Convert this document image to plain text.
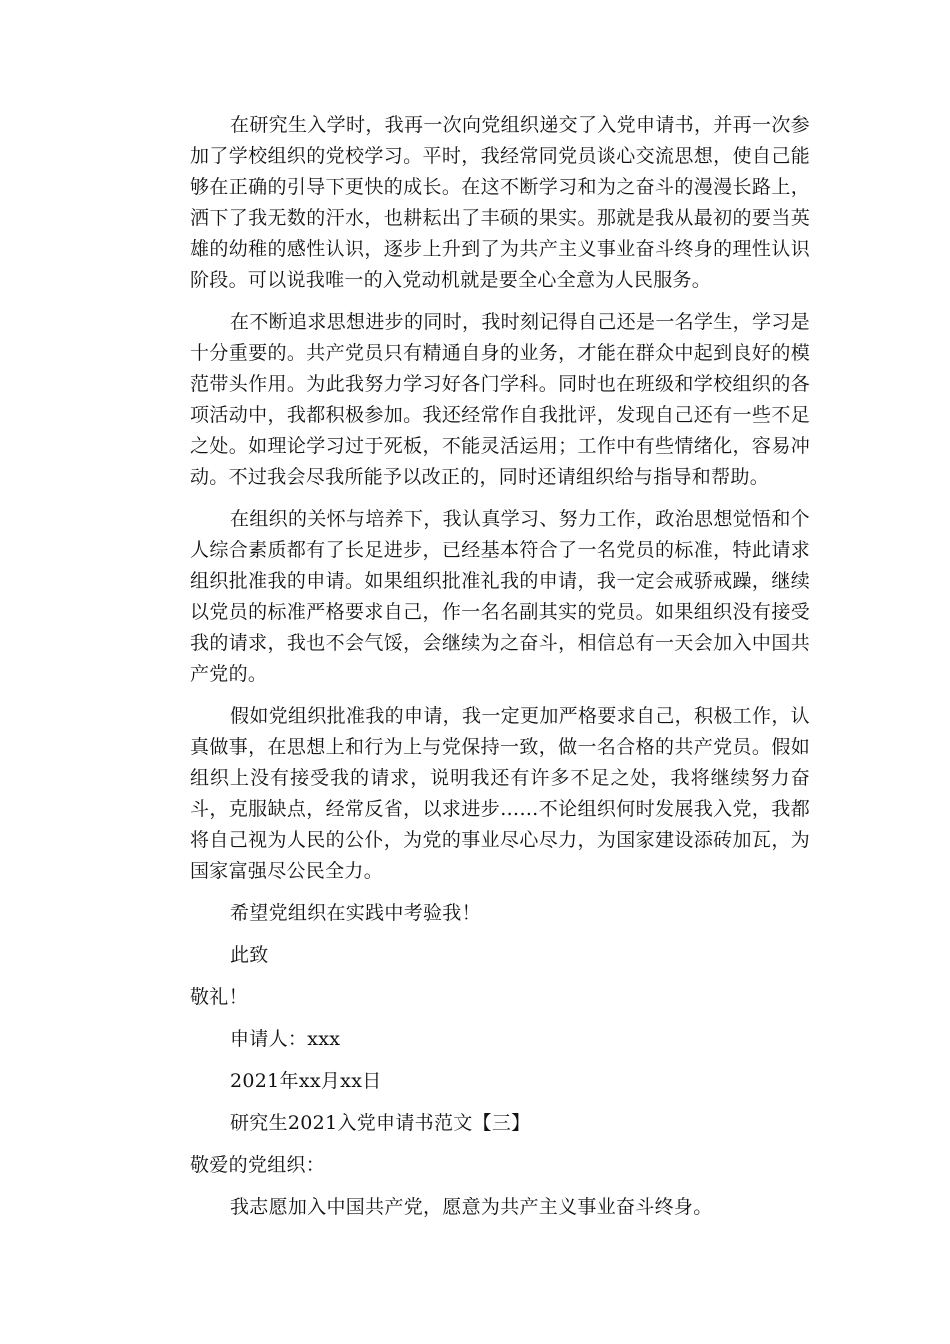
在研究生入学时，我再一次向党组织递交了入党申请书，并再一次参加了学校组织的党校学习。平时，我经常同党员谈心交流思想，使自己能够在正确的引导下更快的成长。在这不断学习和为之奋斗的漫漫长路上，洒下了我无数的汗水，也耕耘出了丰硕的果实。那就是我从最初的要当英雄的幼稚的感性认识，逐步上升到了为共产主义事业奋斗终身的理性认识阶段。可以说我唯一的入党动机就是要全心全意为人民服务。

在不断追求思想进步的同时，我时刻记得自己还是一名学生，学习是十分重要的。共产党员只有精通自身的业务，才能在群众中起到良好的模范带头作用。为此我努力学习好各门学科。同时也在班级和学校组织的各项活动中，我都积极参加。我还经常作自我批评，发现自己还有一些不足之处。如理论学习过于死板，不能灵活运用；工作中有些情绪化，容易冲动。不过我会尽我所能予以改正的，同时还请组织给与指导和帮助。

在组织的关怀与培养下，我认真学习、努力工作，政治思想觉悟和个人综合素质都有了长足进步，已经基本符合了一名党员的标准，特此请求组织批准我的申请。如果组织批准礼我的申请，我一定会戒骄戒躁，继续以党员的标准严格要求自己，作一名名副其实的党员。如果组织没有接受我的请求，我也不会气馁，会继续为之奋斗，相信总有一天会加入中国共产党的。

假如党组织批准我的申请，我一定更加严格要求自己，积极工作，认真做事，在思想上和行为上与党保持一致，做一名合格的共产党员。假如组织上没有接受我的请求，说明我还有许多不足之处，我将继续努力奋斗，克服缺点，经常反省，以求进步……不论组织何时发展我入党，我都将自己视为人民的公仆，为党的事业尽心尽力，为国家建设添砖加瓦，为国家富强尽公民全力。

希望党组织在实践中考验我！
此致
敬礼！
申请人：xxx
2021年xx月xx日
研究生2021入党申请书范文【三】
敬爱的党组织：
我志愿加入中国共产党，愿意为共产主义事业奋斗终身。
